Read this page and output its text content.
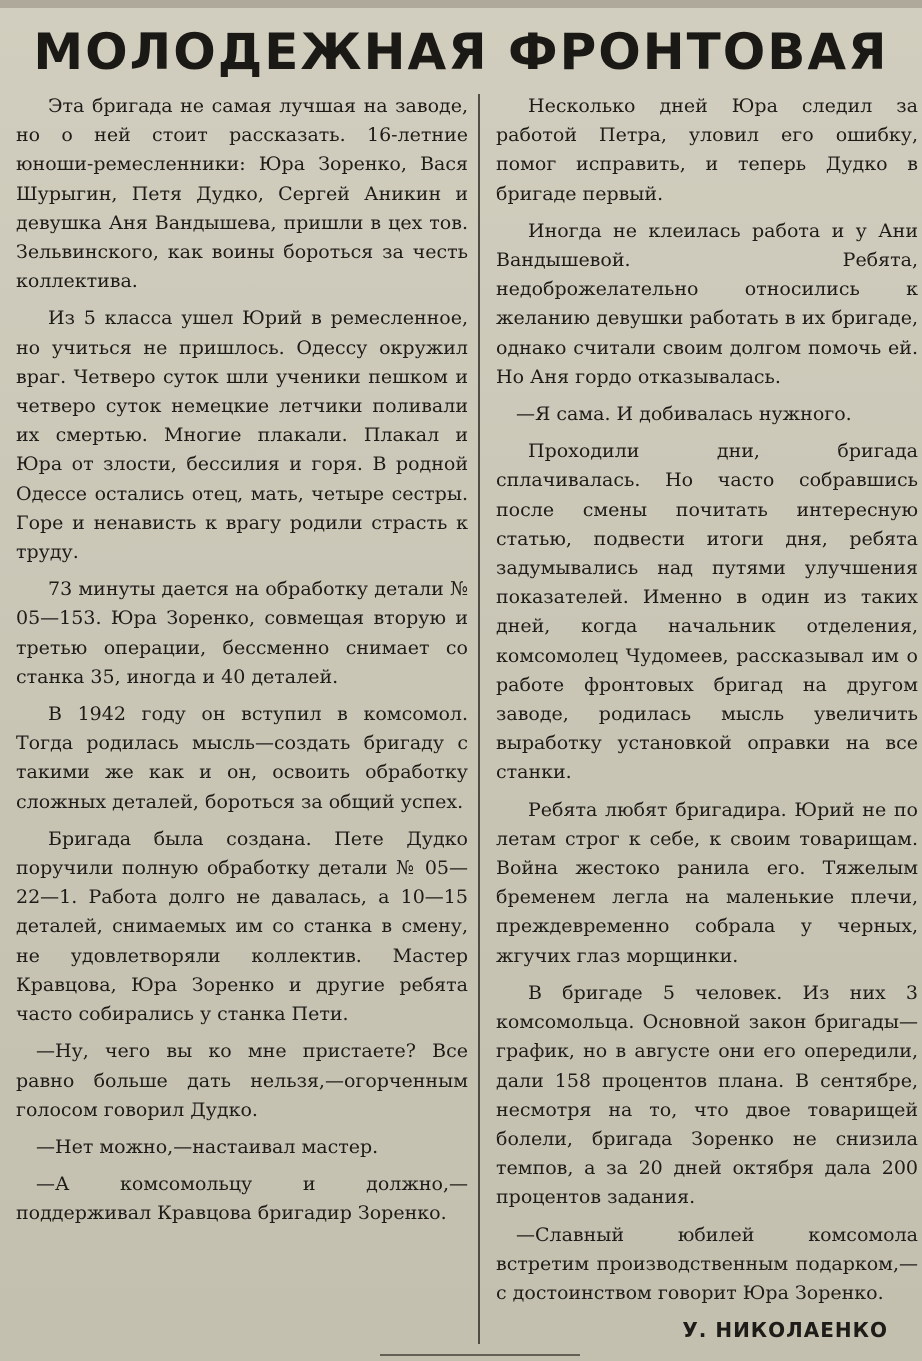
МОЛОДЕЖНАЯ ФРОНТОВАЯ

Эта бригада не самая лучшая на заводе, но о ней стоит рассказать. 16-летние юноши-ремесленники: Юра Зоренко, Вася Шурыгин, Петя Дудко, Сергей Аникин и девушка Аня Вандышева, пришли в цех тов. Зельвинского, как воины бороться за честь коллектива.

Из 5 класса ушел Юрий в ремесленное, но учиться не пришлось. Одессу окружил враг. Четверо суток шли ученики пешком и четверо суток немецкие летчики поливали их смертью. Многие плакали. Плакал и Юра от злости, бессилия и горя. В родной Одессе остались отец, мать, четыре сестры. Горе и ненависть к врагу родили страсть к труду.

73 минуты дается на обработку детали № 05—153. Юра Зоренко, совмещая вторую и третью операции, бессменно снимает со станка 35, иногда и 40 деталей.

В 1942 году он вступил в комсомол. Тогда родилась мысль—создать бригаду с такими же как и он, освоить обработку сложных деталей, бороться за общий успех.

Бригада была создана. Пете Дудко поручили полную обработку детали № 05—22—1. Работа долго не давалась, а 10—15 деталей, снимаемых им со станка в смену, не удовлетворяли коллектив. Мастер Кравцова, Юра Зоренко и другие ребята часто собирались у станка Пети.

—Ну, чего вы ко мне пристаете? Все равно больше дать нельзя,—огорченным голосом говорил Дудко.

—Нет можно,—настаивал мастер.

—А комсомольцу и должно,—поддерживал Кравцова бригадир Зоренко.

Несколько дней Юра следил за работой Петра, уловил его ошибку, помог исправить, и теперь Дудко в бригаде первый.

Иногда не клеилась работа и у Ани Вандышевой. Ребята, недоброжелательно относились к желанию девушки работать в их бригаде, однако считали своим долгом помочь ей. Но Аня гордо отказывалась.

—Я сама. И добивалась нужного.

Проходили дни, бригада сплачивалась. Но часто собравшись после смены почитать интересную статью, подвести итоги дня, ребята задумывались над путями улучшения показателей. Именно в один из таких дней, когда начальник отделения, комсомолец Чудомеев, рассказывал им о работе фронтовых бригад на другом заводе, родилась мысль увеличить выработку установкой оправки на все станки.

Ребята любят бригадира. Юрий не по летам строг к себе, к своим товарищам. Война жестоко ранила его. Тяжелым бременем легла на маленькие плечи, преждевременно собрала у черных, жгучих глаз морщинки.

В бригаде 5 человек. Из них 3 комсомольца. Основной закон бригады—график, но в августе они его опередили, дали 158 процентов плана. В сентябре, несмотря на то, что двое товарищей болели, бригада Зоренко не снизила темпов, а за 20 дней октября дала 200 процентов задания.

—Славный юбилей комсомола встретим производственным подарком,—с достоинством говорит Юра Зоренко.

У. НИКОЛАЕНКО
